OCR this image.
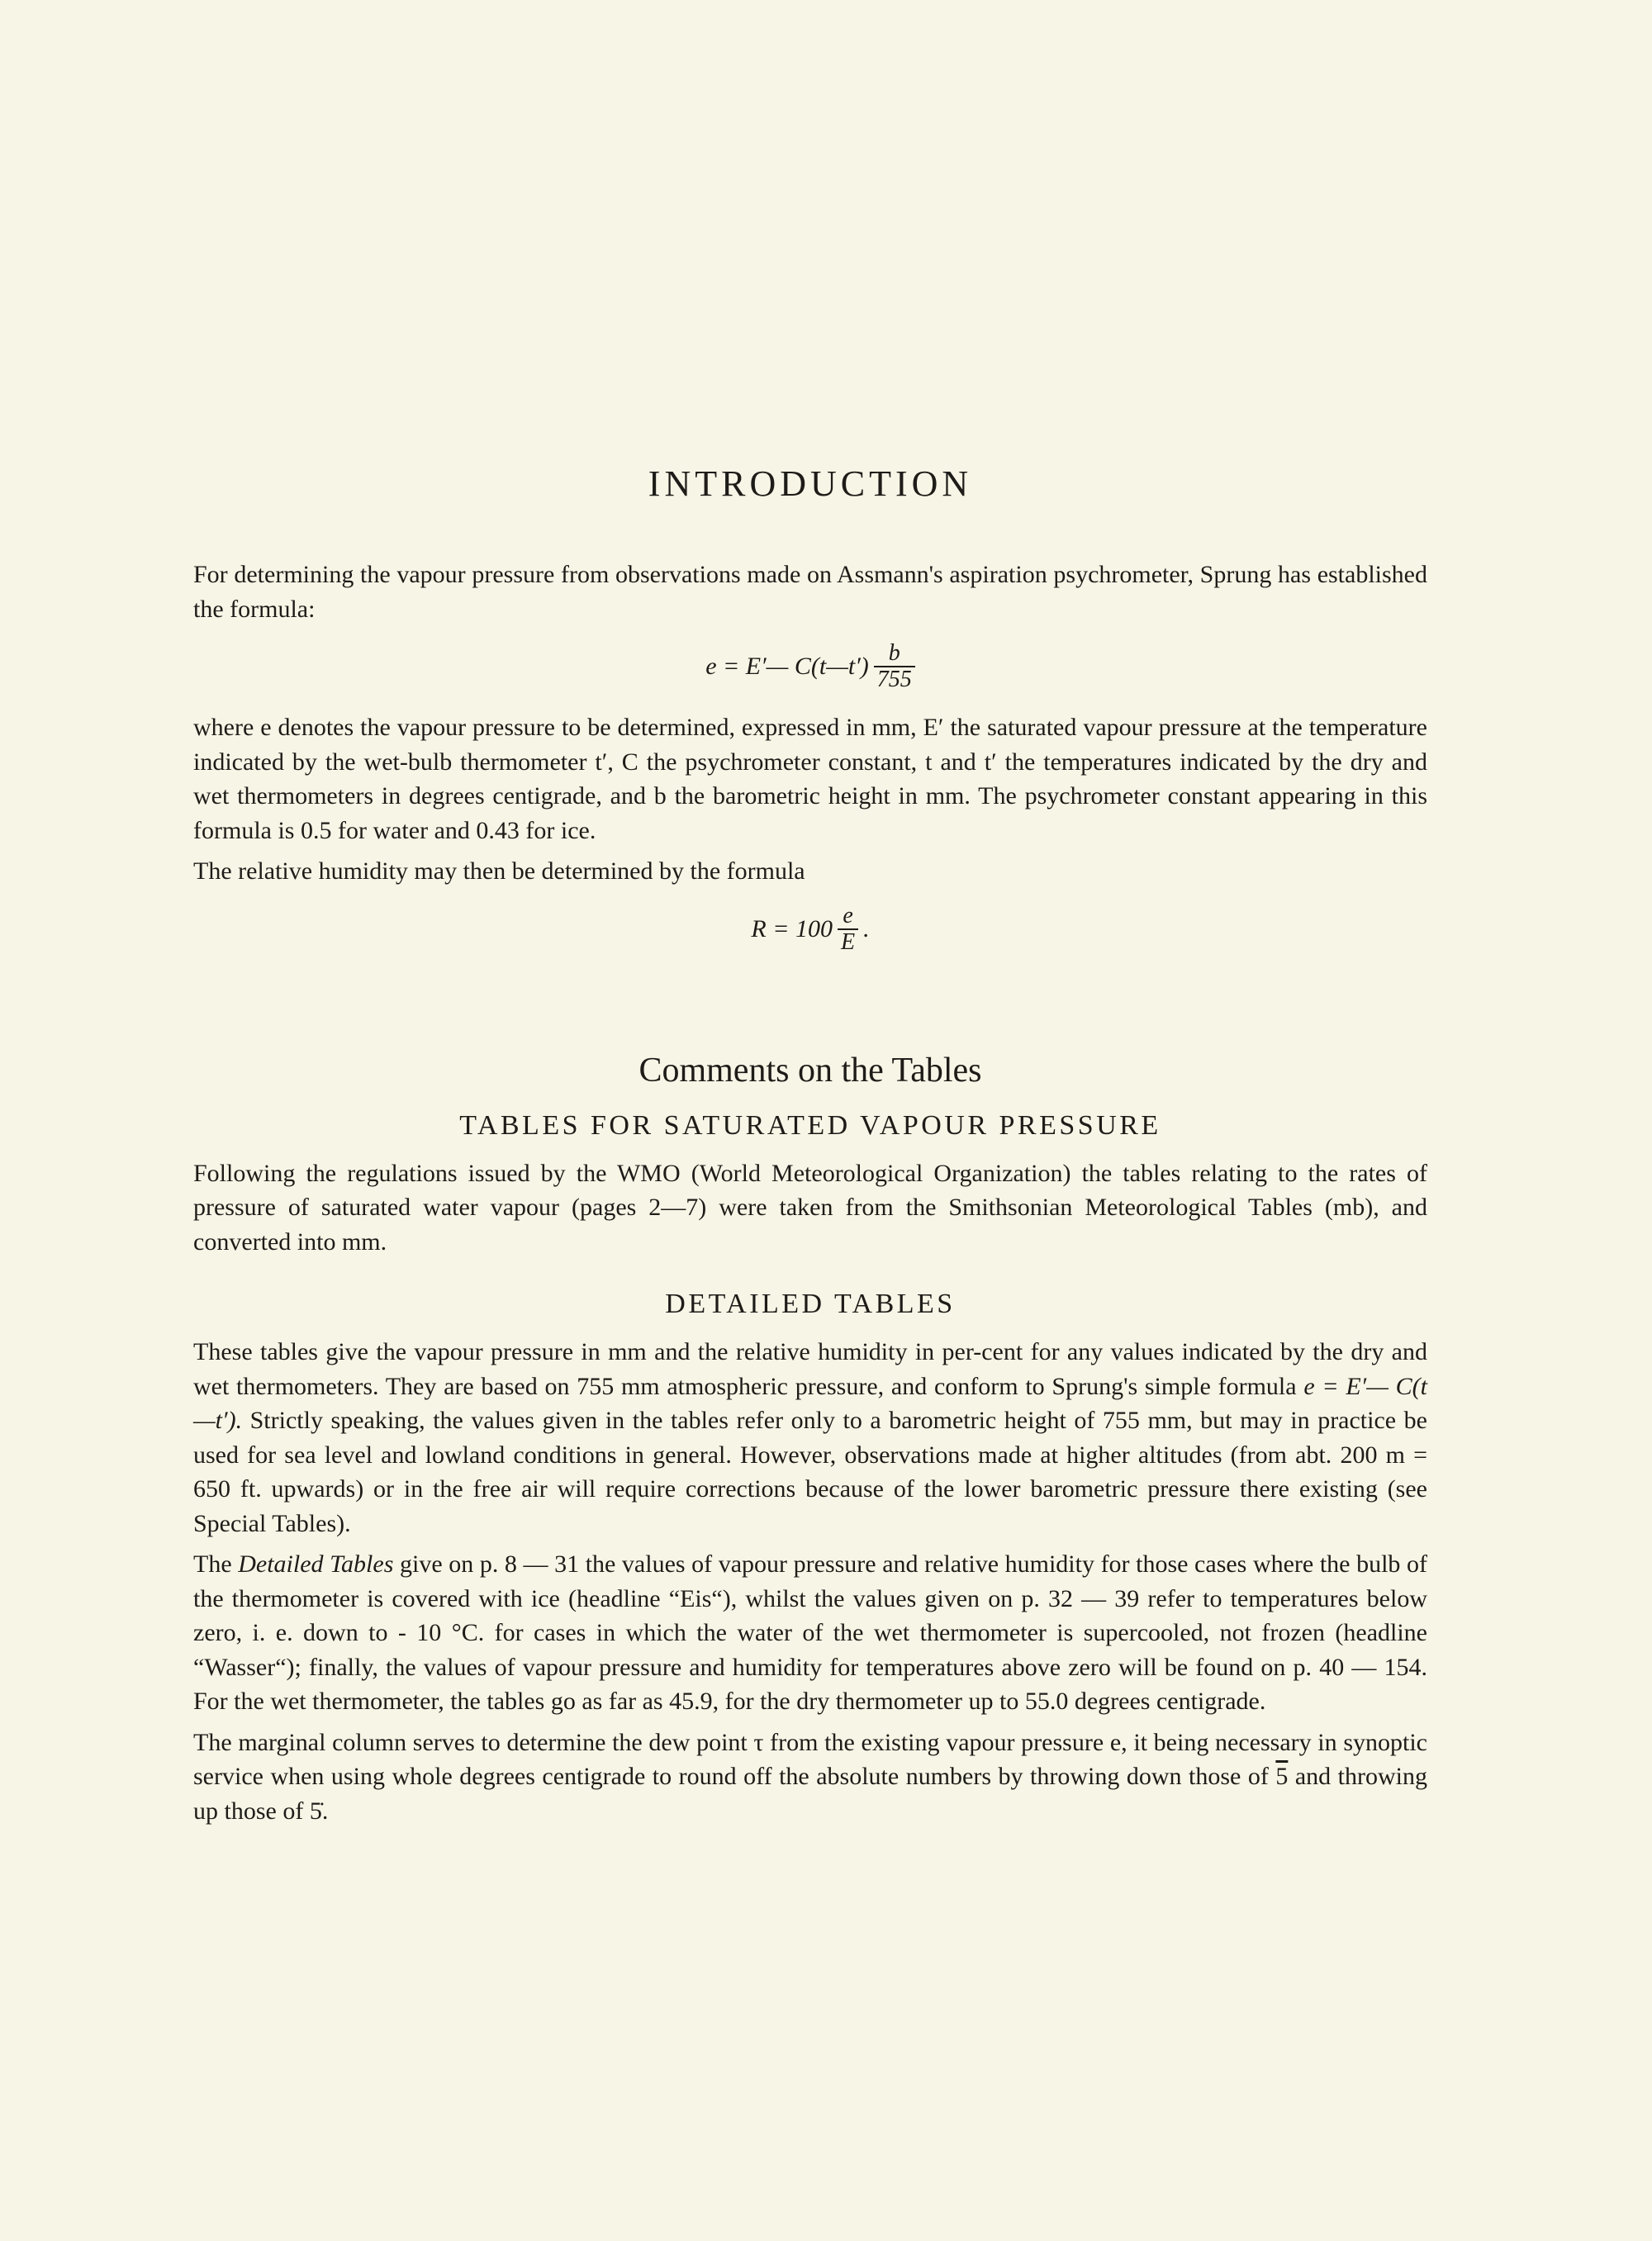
INTRODUCTION

For determining the vapour pressure from observations made on Assmann's aspiration psychrometer, Sprung has established the formula:

e = E′— C(t—t′) $\frac{b}{755}$

where e denotes the vapour pressure to be determined, expressed in mm, E′ the saturated vapour pressure at the temperature indicated by the wet-bulb thermometer t′, C the psychrometer constant, t and t′ the temperatures indicated by the dry and wet thermometers in degrees centigrade, and b the barometric height in mm. The psychrometer constant appearing in this formula is 0.5 for water and 0.43 for ice.

The relative humidity may then be determined by the formula

$R = 100 \frac{e}{E}$ .
Comments on the Tables
TABLES FOR SATURATED VAPOUR PRESSURE

Following the regulations issued by the WMO (World Meteorological Organization) the tables relating to the rates of pressure of saturated water vapour (pages 2—7) were taken from the Smithsonian Meteorological Tables (mb), and converted into mm.

DETAILED TABLES

These tables give the vapour pressure in mm and the relative humidity in per-cent for any values indicated by the dry and wet thermometers. They are based on 755 mm atmospheric pressure, and conform to Sprung's simple formula e = E′— C(t—t′). Strictly speaking, the values given in the tables refer only to a barometric height of 755 mm, but may in practice be used for sea level and lowland conditions in general. However, observations made at higher altitudes (from abt. 200 m = 650 ft. upwards) or in the free air will require corrections because of the lower barometric pressure there existing (see Special Tables).

The Detailed Tables give on p. 8 — 31 the values of vapour pressure and relative humidity for those cases where the bulb of the thermometer is covered with ice (headline “Eis“), whilst the values given on p. 32 — 39 refer to temperatures below zero, i. e. down to - 10 °C. for cases in which the water of the wet thermometer is supercooled, not frozen (headline “Wasser“); finally, the values of vapour pressure and humidity for temperatures above zero will be found on p. 40 — 154. For the wet thermometer, the tables go as far as 45.9, for the dry thermometer up to 55.0 degrees centigrade.

The marginal column serves to determine the dew point τ from the existing vapour pressure e, it being necessary in synoptic service when using whole degrees centigrade to round off the absolute numbers by throwing down those of 5 and throwing up those of 5̇.
